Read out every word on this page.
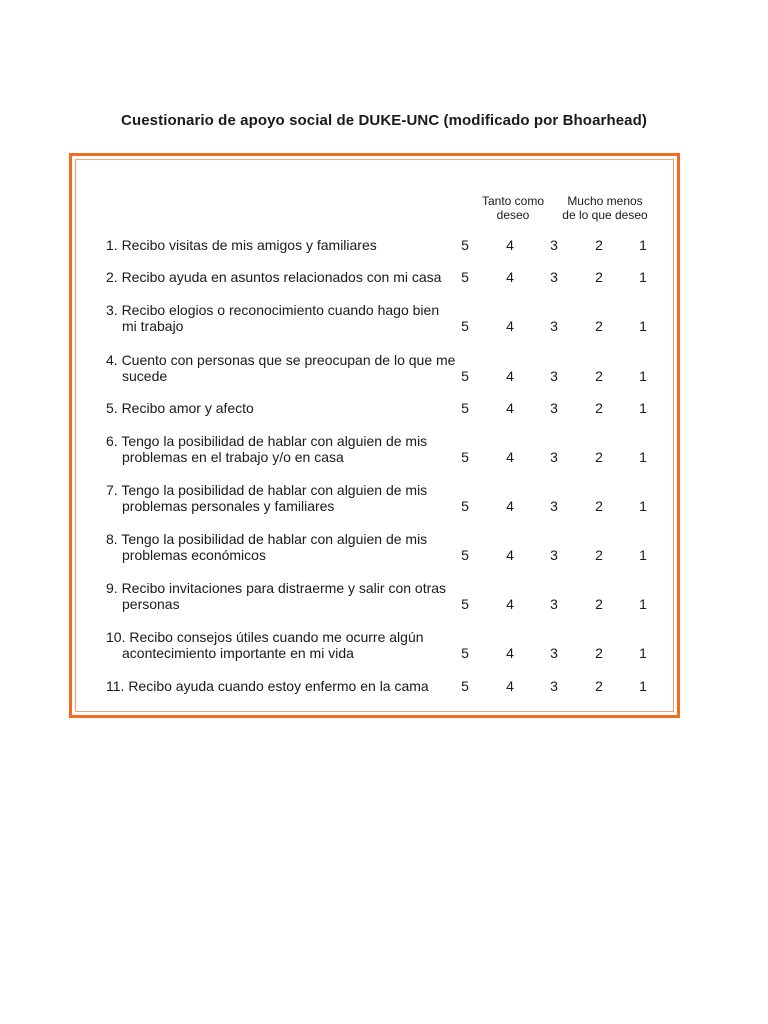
Cuestionario de apoyo social de DUKE-UNC (modificado por Bhoarhead)
Tanto como
deseo
Mucho menos
de lo que deseo
1. Recibo visitas de mis amigos y familiares	5	4	3	2	1
2. Recibo ayuda en asuntos relacionados con mi casa	5	4	3	2	1
3. Recibo elogios o reconocimiento cuando hago bien
mi trabajo	5	4	3	2	1
4. Cuento con personas que se preocupan de lo que me
sucede	5	4	3	2	1
5. Recibo amor y afecto	5	4	3	2	1
6. Tengo la posibilidad de hablar con alguien de mis
problemas en el trabajo y/o en casa	5	4	3	2	1
7. Tengo la posibilidad de hablar con alguien de mis
problemas personales y familiares	5	4	3	2	1
8. Tengo la posibilidad de hablar con alguien de mis
problemas económicos	5	4	3	2	1
9. Recibo invitaciones para distraerme y salir con otras
personas	5	4	3	2	1
10. Recibo consejos útiles cuando me ocurre algún
acontecimiento importante en mi vida	5	4	3	2	1
11. Recibo ayuda cuando estoy enfermo en la cama	5	4	3	2	1
